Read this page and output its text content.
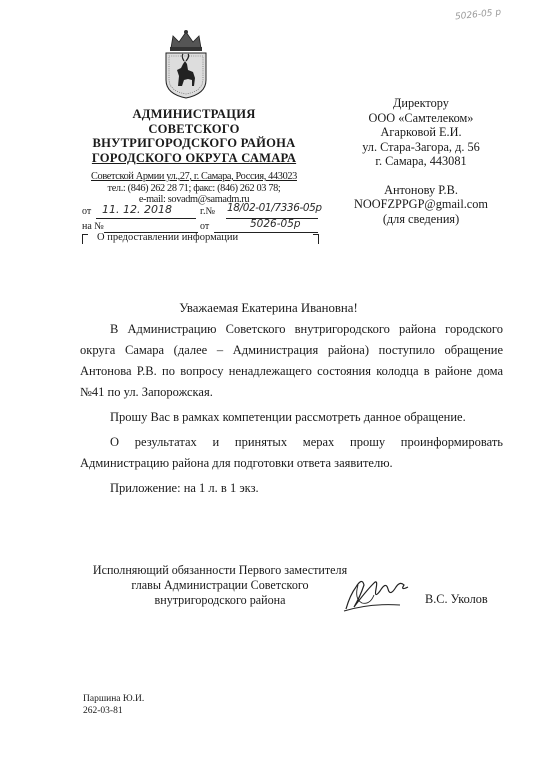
5026-05 р
АДМИНИСТРАЦИЯ
СОВЕТСКОГО
ВНУТРИГОРОДСКОГО РАЙОНА
ГОРОДСКОГО ОКРУГА САМАРА
Советской Армии ул.,27, г. Самара, Россия, 443023
тел.: (846) 262 28 71; факс: (846) 262 03 78;
e-mail: sovadm@samadm.ru
от 11. 12. 2018	г.№ 18/02-01/7336-05р
на №	от	5026-05р
О предоставлении информации
Директору
ООО «Самтелеком»
Агарковой Е.И.
ул. Стара-Загора, д. 56
г. Самара, 443081
Антонову Р.В.
NOOFZPPGP@gmail.com
(для сведения)
Уважаемая Екатерина Ивановна!

В Администрацию Советского внутригородского района городского

округа Самара (далее – Администрация района) поступило обращение

Антонова Р.В. по вопросу ненадлежащего состояния колодца в районе дома

№41 по ул. Запорожская.

Прошу Вас в рамках компетенции рассмотреть данное обращение.

О результатах и принятых мерах прошу проинформировать

Администрацию района для подготовки ответа заявителю.

Приложение: на 1 л. в 1 экз.

Исполняющий обязанности Первого заместителя
главы Администрации Советского
внутригородского района	В.С. Уколов
Паршина Ю.И.
262-03-81
